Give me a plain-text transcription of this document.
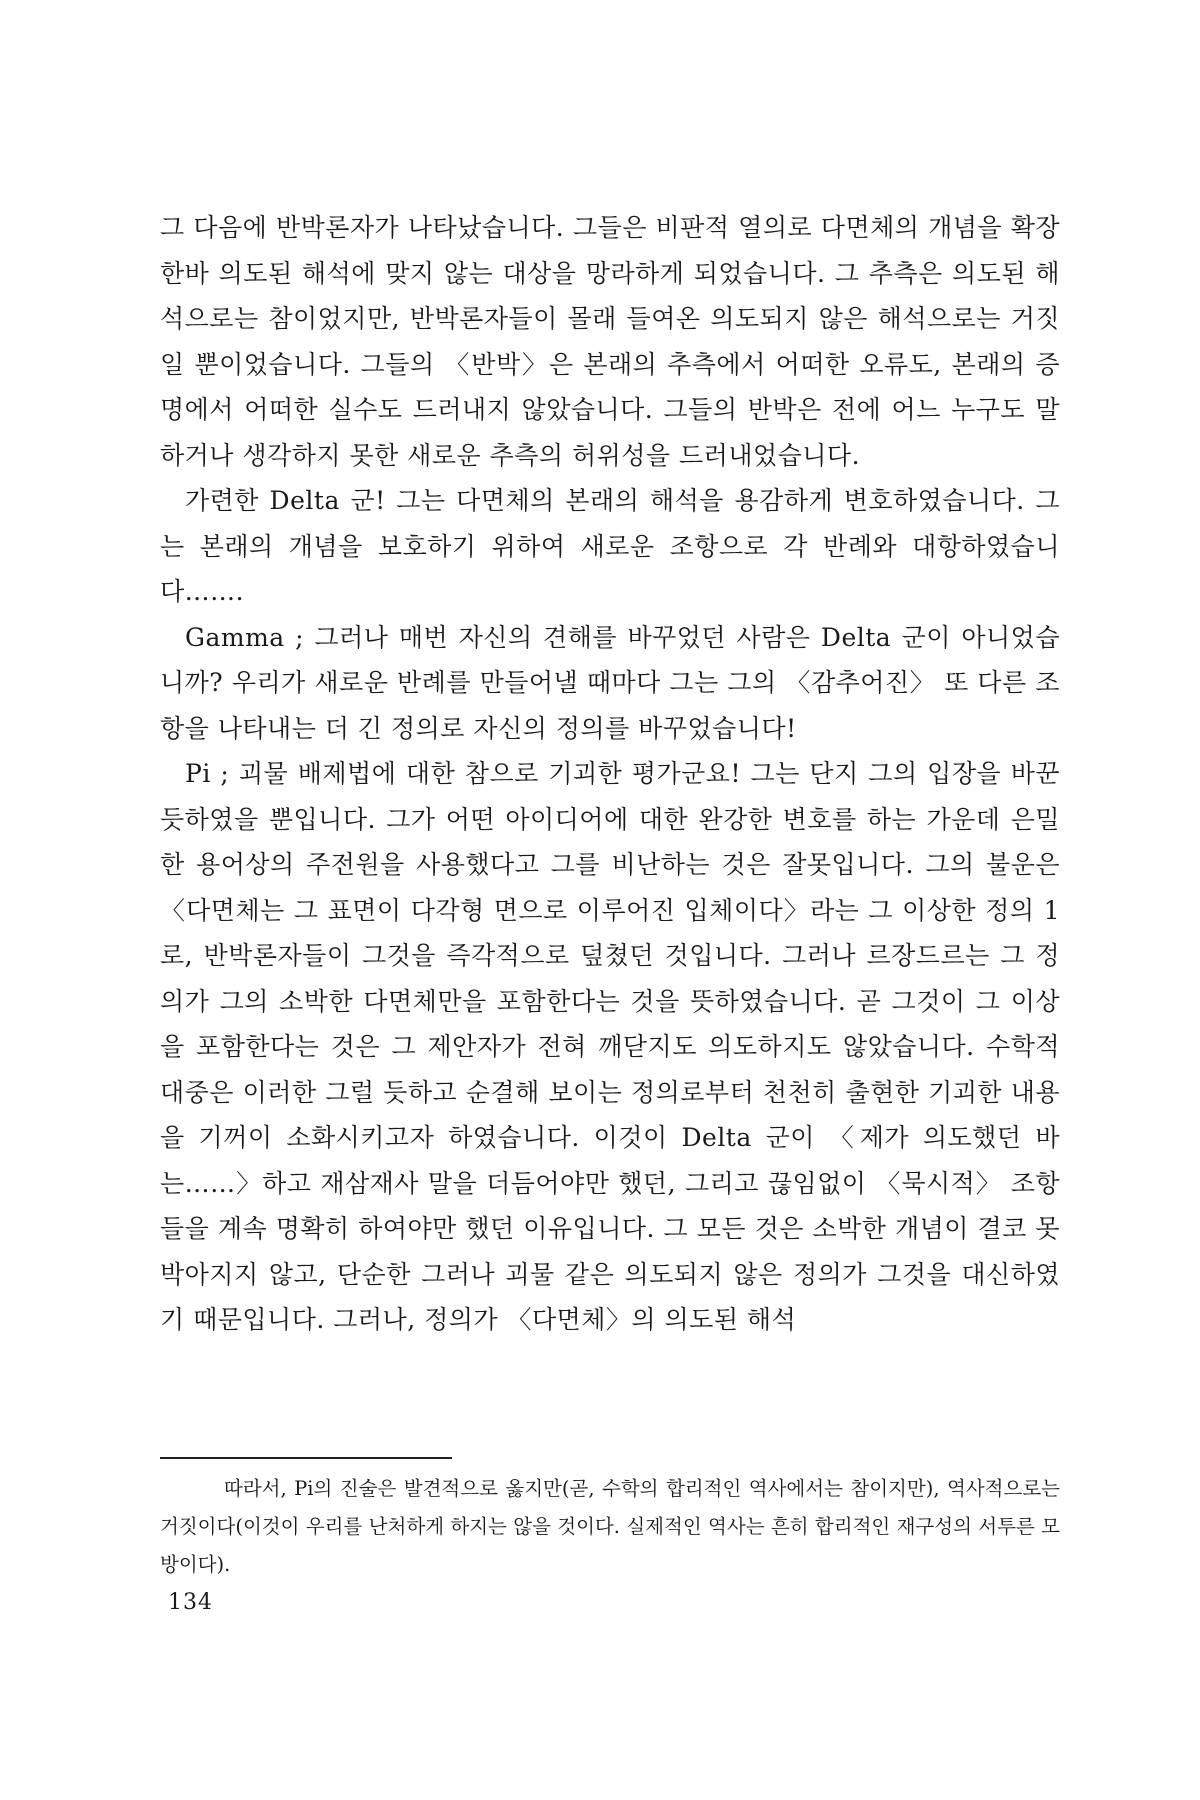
그 다음에 반박론자가 나타났습니다. 그들은 비판적 열의로 다면체의 개념을 확장한바 의도된 해석에 맞지 않는 대상을 망라하게 되었습니다. 그 추측은 의도된 해석으로는 참이었지만, 반박론자들이 몰래 들여온 의도되지 않은 해석으로는 거짓일 뿐이었습니다. 그들의 〈반박〉은 본래의 추측에서 어떠한 오류도, 본래의 증명에서 어떠한 실수도 드러내지 않았습니다. 그들의 반박은 전에 어느 누구도 말하거나 생각하지 못한 새로운 추측의 허위성을 드러내었습니다.

가련한 Delta 군! 그는 다면체의 본래의 해석을 용감하게 변호하였습니다. 그는 본래의 개념을 보호하기 위하여 새로운 조항으로 각 반례와 대항하였습니다…….

Gamma ; 그러나 매번 자신의 견해를 바꾸었던 사람은 Delta 군이 아니었습니까? 우리가 새로운 반례를 만들어낼 때마다 그는 그의 〈감추어진〉 또 다른 조항을 나타내는 더 긴 정의로 자신의 정의를 바꾸었습니다!

Pi ; 괴물 배제법에 대한 참으로 기괴한 평가군요! 그는 단지 그의 입장을 바꾼 듯하였을 뿐입니다. 그가 어떤 아이디어에 대한 완강한 변호를 하는 가운데 은밀한 용어상의 주전원을 사용했다고 그를 비난하는 것은 잘못입니다. 그의 불운은 〈다면체는 그 표면이 다각형 면으로 이루어진 입체이다〉라는 그 이상한 정의 1로, 반박론자들이 그것을 즉각적으로 덮쳤던 것입니다. 그러나 르장드르는 그 정의가 그의 소박한 다면체만을 포함한다는 것을 뜻하였습니다. 곧 그것이 그 이상을 포함한다는 것은 그 제안자가 전혀 깨닫지도 의도하지도 않았습니다. 수학적 대중은 이러한 그럴 듯하고 순결해 보이는 정의로부터 천천히 출현한 기괴한 내용을 기꺼이 소화시키고자 하였습니다. 이것이 Delta 군이 〈제가 의도했던 바는……〉하고 재삼재사 말을 더듬어야만 했던, 그리고 끊임없이 〈묵시적〉 조항들을 계속 명확히 하여야만 했던 이유입니다. 그 모든 것은 소박한 개념이 결코 못박아지지 않고, 단순한 그러나 괴물 같은 의도되지 않은 정의가 그것을 대신하였기 때문입니다. 그러나, 정의가 〈다면체〉의 의도된 해석

따라서, Pi의 진술은 발견적으로 옳지만(곧, 수학의 합리적인 역사에서는 참이지만), 역사적으로는 거짓이다(이것이 우리를 난처하게 하지는 않을 것이다. 실제적인 역사는 흔히 합리적인 재구성의 서투른 모방이다).

134
